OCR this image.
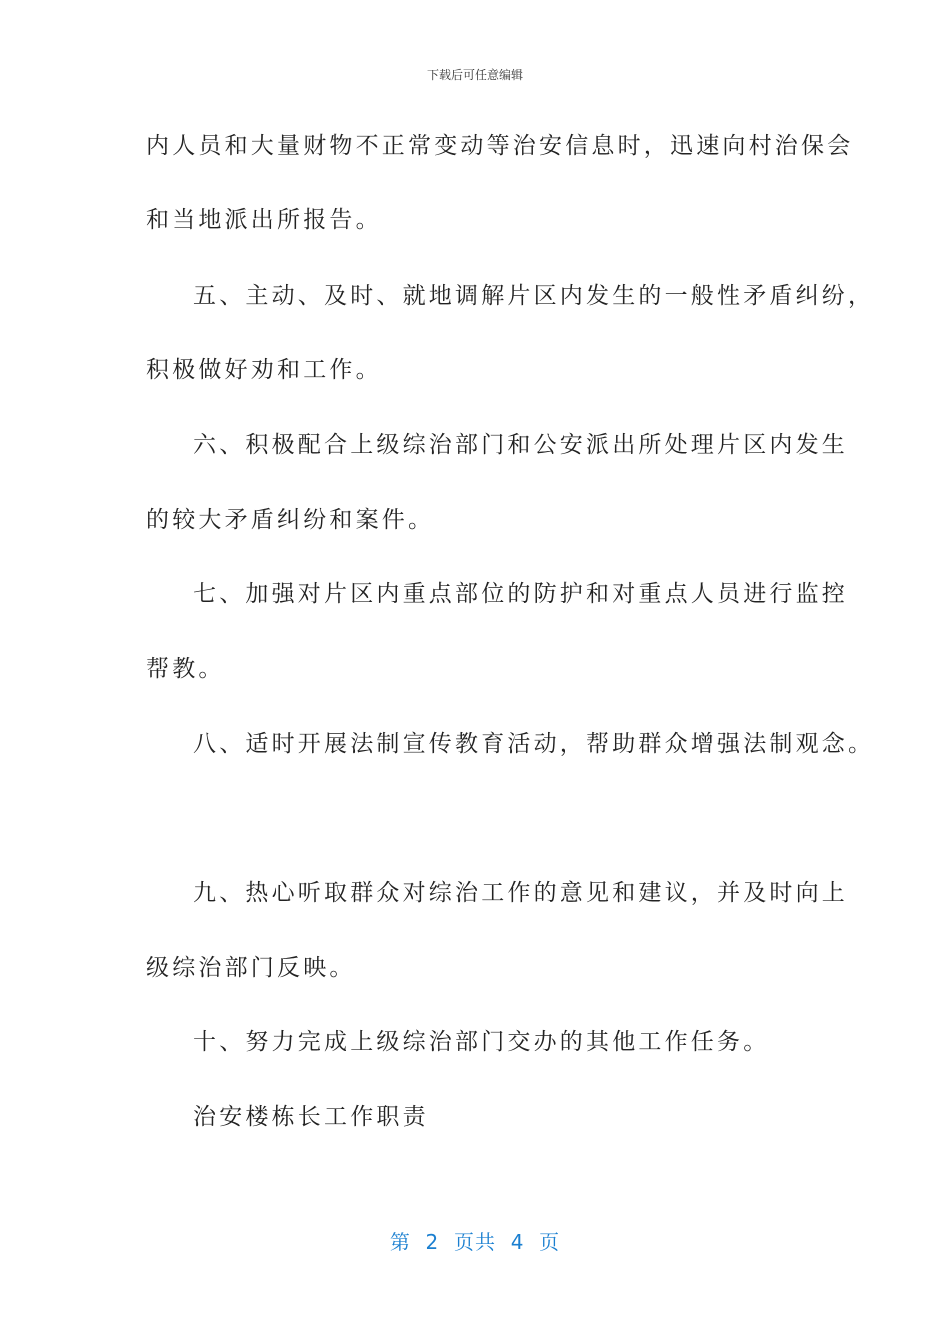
下载后可任意编辑
内人员和大量财物不正常变动等治安信息时，迅速向村治保会
和当地派出所报告。
五、主动、及时、就地调解片区内发生的一般性矛盾纠纷，
积极做好劝和工作。
六、积极配合上级综治部门和公安派出所处理片区内发生
的较大矛盾纠纷和案件。
七、加强对片区内重点部位的防护和对重点人员进行监控
帮教。
八、适时开展法制宣传教育活动，帮助群众增强法制观念。
九、热心听取群众对综治工作的意见和建议，并及时向上
级综治部门反映。
十、努力完成上级综治部门交办的其他工作任务。
治安楼栋长工作职责
第  2  页共  4  页
